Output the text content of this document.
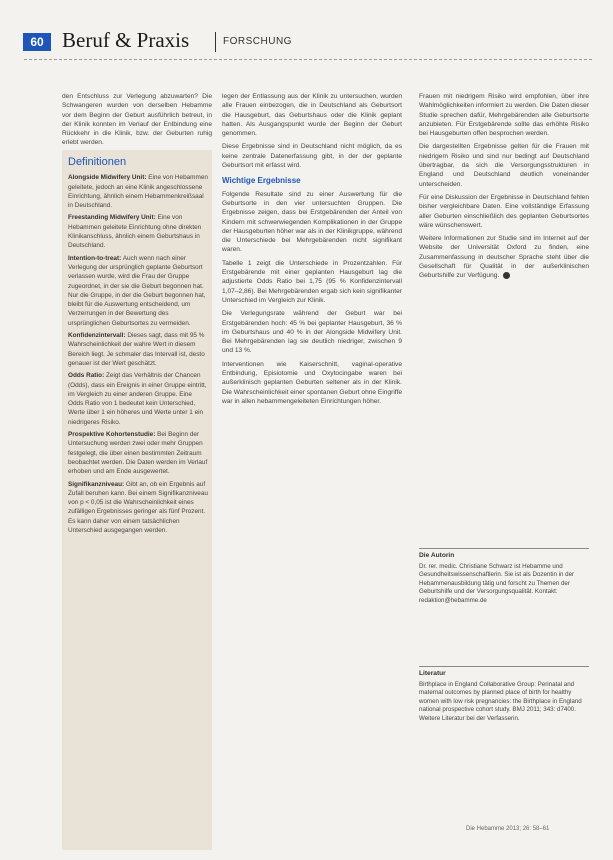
60 Beruf & Praxis	FORSCHUNG

den Entschluss zur Verlegung abzuwarten? Die Schwangeren wurden von derselben Hebamme vor dem Beginn der Geburt ausführlich betreut, in der Klinik konnten im Verlauf der Entbindung eine Rückkehr in die Klinik, bzw. der Geburten ruhig erlebt werden.

Definitionen
Alongside Midwifery Unit: Eine von Hebammen geleitete, jedoch an eine Klinik angeschlossene Einrichtung, ähnlich einem Hebammenkreißsaal in Deutschland.
Freestanding Midwifery Unit: Eine von Hebammen geleitete Einrichtung ohne direkten Klinikanschluss, ähnlich einem Geburtshaus in Deutschland.
Intention-to-treat: Auch wenn nach einer Verlegung der ursprünglich geplante Geburtsort verlassen wurde, wird die Frau der Gruppe zugeordnet, in der sie die Geburt begonnen hat. Nur die Gruppe, in der die Geburt begonnen hat, bleibt für die Auswertung entscheidend, um Verzerrungen in der Bewertung des ursprünglichen Geburtsortes zu vermeiden.
Konfidenzintervall: Dieses sagt, dass mit 95 % Wahrscheinlichkeit der wahre Wert in diesem Bereich liegt. Je schmaler das Intervall ist, desto genauer ist der Wert geschätzt.
Odds Ratio: Zeigt das Verhältnis der Chancen (Odds), dass ein Ereignis in einer Gruppe eintritt, im Vergleich zu einer anderen Gruppe. Eine Odds Ratio von 1 bedeutet kein Unterschied, Werte über 1 ein höheres und Werte unter 1 ein niedrigeres Risiko.
Prospektive Kohortenstudie: Bei Beginn der Untersuchung werden zwei oder mehr Gruppen festgelegt, die über einen bestimmten Zeitraum beobachtet werden. Die Daten werden im Verlauf erhoben und am Ende ausgewertet.
Signifikanzniveau: Gibt an, ob ein Ergebnis auf Zufall beruhen kann. Bei einem Signifikanzniveau von p < 0,05 ist die Wahrscheinlichkeit eines zufälligen Ergebnisses geringer als fünf Prozent. Es kann daher von einem tatsächlichen Unterschied ausgegangen werden.

legen der Entlassung aus der Klinik zu untersuchen, wurden alle Frauen einbezogen, die in Deutschland als Geburtsort die Hausgeburt, das Geburtshaus oder die Klinik geplant hatten. Als Ausgangspunkt wurde der Beginn der Geburt genommen.

Diese Ergebnisse sind in Deutschland nicht möglich, da es keine zentrale Datenerfassung gibt, in der der geplante Geburtsort mit erfasst wird.

Wichtige Ergebnisse

Folgende Resultate sind zu einer Auswertung für die Geburtsorte in den vier untersuchten Gruppen. Die Ergebnisse zeigen, dass bei Erstgebärenden der Anteil von Kindern mit schwerwiegenden Komplikationen in der Gruppe der Hausgeburten höher war als in der Klinikgruppe, während die Unterschiede bei Mehrgebärenden nicht signifikant waren.

Tabelle 1 zeigt die Unterschiede in Prozentzahlen. Für Erstgebärende mit einer geplanten Hausgeburt lag die adjustierte Odds Ratio bei 1,75 (95 % Konfidenzintervall 1,07–2,86). Bei Mehrgebärenden ergab sich kein signifikanter Unterschied im Vergleich zur Klinik.

Die Verlegungsrate während der Geburt war bei Erstgebärenden hoch: 45 % bei geplanter Hausgeburt, 36 % im Geburtshaus und 40 % in der Alongside Midwifery Unit. Bei Mehrgebärenden lag sie deutlich niedriger, zwischen 9 und 13 %.

Interventionen wie Kaiserschnitt, vaginal-operative Entbindung, Episiotomie und Oxytocingabe waren bei außerklinisch geplanten Geburten seltener als in der Klinik. Die Wahrscheinlichkeit einer spontanen Geburt ohne Eingriffe war in allen hebammengeleiteten Einrichtungen höher.

Frauen mit niedrigem Risiko wird empfohlen, über ihre Wahlmöglichkeiten informiert zu werden. Die Daten dieser Studie sprechen dafür, Mehrgebärenden alle Geburtsorte anzubieten. Für Erstgebärende sollte das erhöhte Risiko bei Hausgeburten offen besprochen werden.

Die dargestellten Ergebnisse gelten für die Frauen mit niedrigem Risiko und sind nur bedingt auf Deutschland übertragbar, da sich die Versorgungsstrukturen in England und Deutschland deutlich voneinander unterscheiden.

Für eine Diskussion der Ergebnisse in Deutschland fehlen bisher vergleichbare Daten. Eine vollständige Erfassung aller Geburten einschließlich des geplanten Geburtsortes wäre wünschenswert.

Weitere Informationen zur Studie sind im Internet auf der Website der Universität Oxford zu finden, eine Zusammenfassung in deutscher Sprache steht über die Gesellschaft für Qualität in der außerklinischen Geburtshilfe zur Verfügung.

Die Autorin
Dr. rer. medic. Christiane Schwarz ist Hebamme und Gesundheitswissenschaftlerin. Sie ist als Dozentin in der Hebammenausbildung tätig und forscht zu Themen der Geburtshilfe und der Versorgungsqualität. Kontakt: redaktion@hebamme.de
Literatur
Birthplace in England Collaborative Group: Perinatal and maternal outcomes by planned place of birth for healthy women with low risk pregnancies: the Birthplace in England national prospective cohort study. BMJ 2011; 343: d7400. Weitere Literatur bei der Verfasserin.
Die Hebamme 2013; 26: 58–61
